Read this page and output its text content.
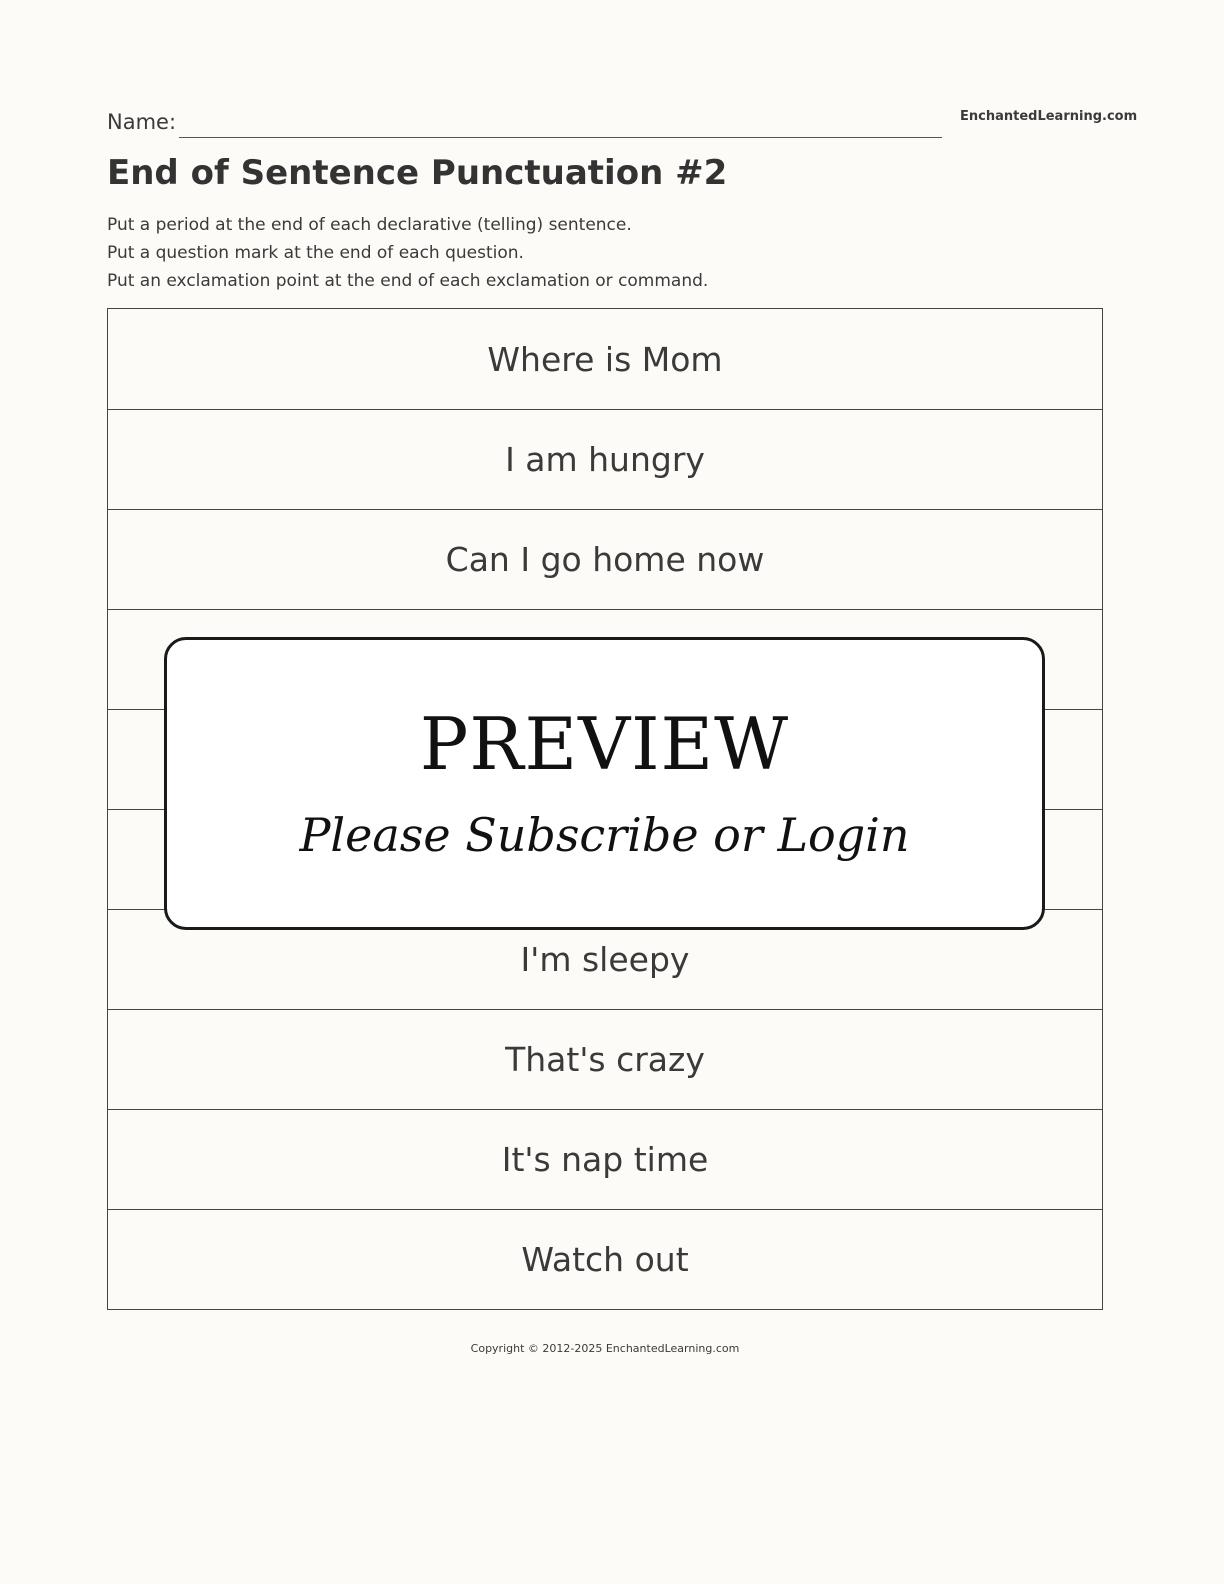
Name:	EnchantedLearning.com
End of Sentence Punctuation #2
Put a period at the end of each declarative (telling) sentence.
Put a question mark at the end of each question.
Put an exclamation point at the end of each exclamation or command.
Where is Mom
I am hungry
Can I go home now
I'm sleepy
That's crazy
It's nap time
Watch out
PREVIEW
Please Subscribe or Login
Copyright © 2012-2025 EnchantedLearning.com
